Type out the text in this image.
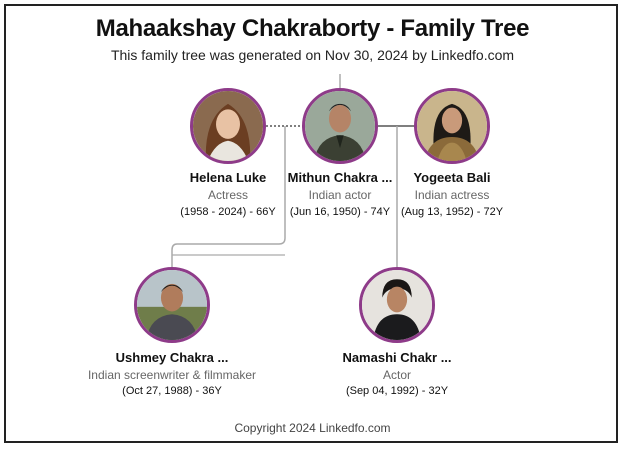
Mahaakshay Chakraborty - Family Tree
This family tree was generated on Nov 30, 2024 by Linkedfo.com
Helena Luke
Actress
(1958 - 2024) - 66Y
Mithun Chakra ...
Indian actor
(Jun 16, 1950) - 74Y
Yogeeta Bali
Indian actress
(Aug 13, 1952) - 72Y
Ushmey Chakra ...
Indian screenwriter & filmmaker
(Oct 27, 1988) - 36Y
Namashi Chakr ...
Actor
(Sep 04, 1992) - 32Y
Copyright 2024 Linkedfo.com
